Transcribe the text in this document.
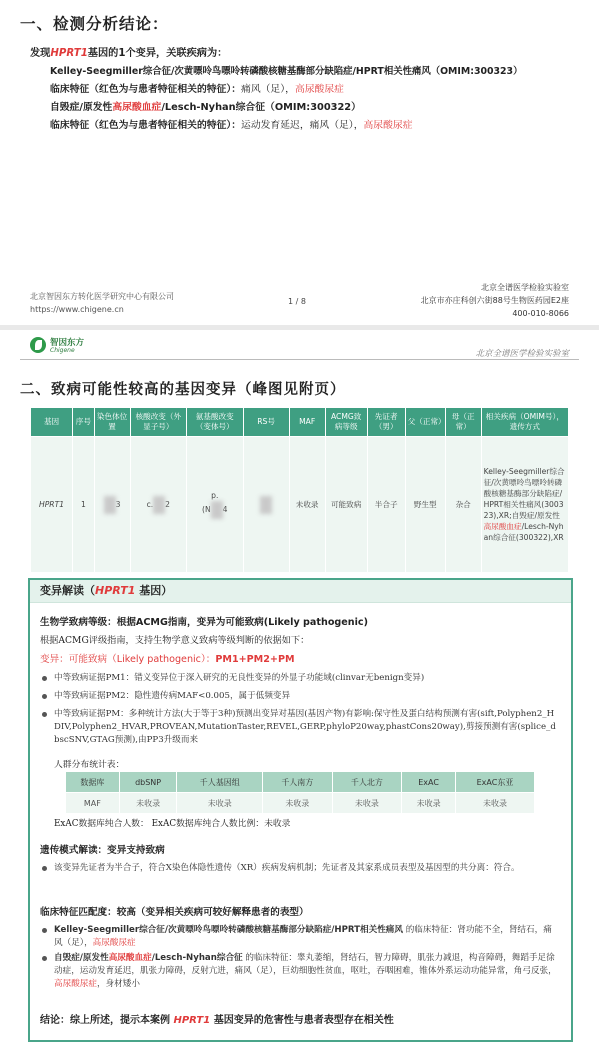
一、检测分析结论：
发现HPRT1基因的1个变异，关联疾病为：
Kelley-Seegmiller综合征/次黄嘌呤鸟嘌呤转磷酸核糖基酶部分缺陷症/HPRT相关性痛风（OMIM:300323）
临床特征（红色为与患者特征相关的特征）：痛风（足），高尿酸尿症
自毁症/原发性高尿酸血症/Lesch-Nyhan综合征（OMIM:300322）
临床特征（红色为与患者特征相关的特征）：运动发育延迟，痛风（足），高尿酸尿症
北京智因东方转化医学研究中心有限公司
https://www.chigene.cn
1 / 8
北京全谱医学检验实验室
北京市亦庄科创六街88号生物医药园E2座
400-010-8066
智因东方
Chigene	北京全谱医学检验实验室
二、致病可能性较高的基因变异（峰图见附页）
基因	序号	染色体位置	核酸改变（外显子号）	氨基酸改变（变体号）	RS号	MAF	ACMG致病等级	先证者（男）	父（正常）	母（正常）	相关疾病（OMIM号），遗传方式
HPRT1	1	3	c. 2	p.
(N 4		未收录	可能致病	半合子	野生型	杂合	Kelley-Seegmiller综合征/次黄嘌呤鸟嘌呤转磷酸核糖基酶部分缺陷症/HPRT相关性痛风(300323),XR;自毁症/原发性高尿酸血症/Lesch-Nyhan综合征(300322),XR
变异解读（HPRT1 基因）
生物学致病等级：根据ACMG指南，变异为可能致病(Likely pathogenic)
根据ACMG评级指南，支持生物学意义致病等级判断的依据如下：
变异：可能致病（Likely pathogenic）：PM1+PM2+PM
中等致病证据PM1：错义变异位于深入研究的无良性变异的外显子功能域(clinvar无benign变异)
中等致病证据PM2：隐性遗传病MAF<0.005，属于低频变异
中等致病证据PM：多种统计方法(大于等于3种)预测出变异对基因(基因产物)有影响:保守性及蛋白结构预测有害(sift,Polyphen2_HDIV,Polyphen2_HVAR,PROVEAN,MutationTaster,REVEL,GERP,phyloP20way,phastCons20way),剪接预测有害(splice_dbscSNV,GTAG预测),由PP3升级而来
人群分布统计表：
数据库	dbSNP	千人基因组	千人南方	千人北方	ExAC	ExAC东亚
MAF	未收录	未收录	未收录	未收录	未收录	未收录
ExAC数据库纯合人数： ExAC数据库纯合人数比例：未收录
遗传模式解读：变异支持致病
该变异先证者为半合子，符合X染色体隐性遗传（XR）疾病发病机制；先证者及其家系成员表型及基因型的共分离：符合。
临床特征匹配度：较高（变异相关疾病可较好解释患者的表型）
Kelley-Seegmiller综合征/次黄嘌呤鸟嘌呤转磷酸核糖基酶部分缺陷症/HPRT相关性痛风 的临床特征：肾功能不全，肾结石，痛风（足），高尿酸尿症
自毁症/原发性高尿酸血症/Lesch-Nyhan综合征 的临床特征：睾丸萎缩，肾结石，智力障碍，肌张力减退，构音障碍，舞蹈手足徐动症，运动发育延迟，肌张力障碍，反射亢进，痛风（足），巨幼细胞性贫血，呕吐，吞咽困难，锥体外系运动功能异常，角弓反张，高尿酸尿症，身材矮小
结论：综上所述，提示本案例 HPRT1 基因变异的危害性与患者表型存在相关性
